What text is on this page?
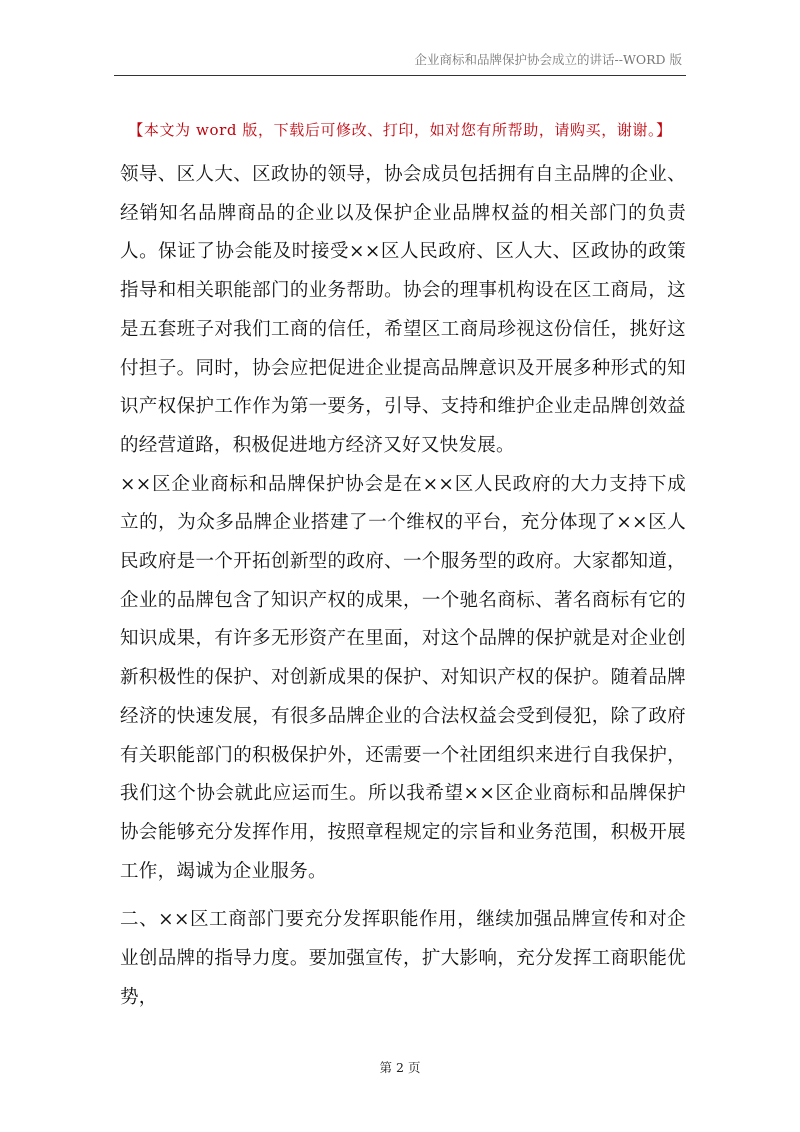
企业商标和品牌保护协会成立的讲话--WORD 版
【本文为 word 版，下载后可修改、打印，如对您有所帮助，请购买，谢谢。】

领导、区人大、区政协的领导，协会成员包括拥有自主品牌的企业、经销知名品牌商品的企业以及保护企业品牌权益的相关部门的负责人。保证了协会能及时接受××区人民政府、区人大、区政协的政策指导和相关职能部门的业务帮助。协会的理事机构设在区工商局，这是五套班子对我们工商的信任，希望区工商局珍视这份信任，挑好这付担子。同时，协会应把促进企业提高品牌意识及开展多种形式的知识产权保护工作作为第一要务，引导、支持和维护企业走品牌创效益的经营道路，积极促进地方经济又好又快发展。

××区企业商标和品牌保护协会是在××区人民政府的大力支持下成立的，为众多品牌企业搭建了一个维权的平台，充分体现了××区人民政府是一个开拓创新型的政府、一个服务型的政府。大家都知道，企业的品牌包含了知识产权的成果，一个驰名商标、著名商标有它的知识成果，有许多无形资产在里面，对这个品牌的保护就是对企业创新积极性的保护、对创新成果的保护、对知识产权的保护。随着品牌经济的快速发展，有很多品牌企业的合法权益会受到侵犯，除了政府有关职能部门的积极保护外，还需要一个社团组织来进行自我保护，我们这个协会就此应运而生。所以我希望××区企业商标和品牌保护协会能够充分发挥作用，按照章程规定的宗旨和业务范围，积极开展工作，竭诚为企业服务。

二、××区工商部门要充分发挥职能作用，继续加强品牌宣传和对企业创品牌的指导力度。要加强宣传，扩大影响，充分发挥工商职能优势，

第 2 页
